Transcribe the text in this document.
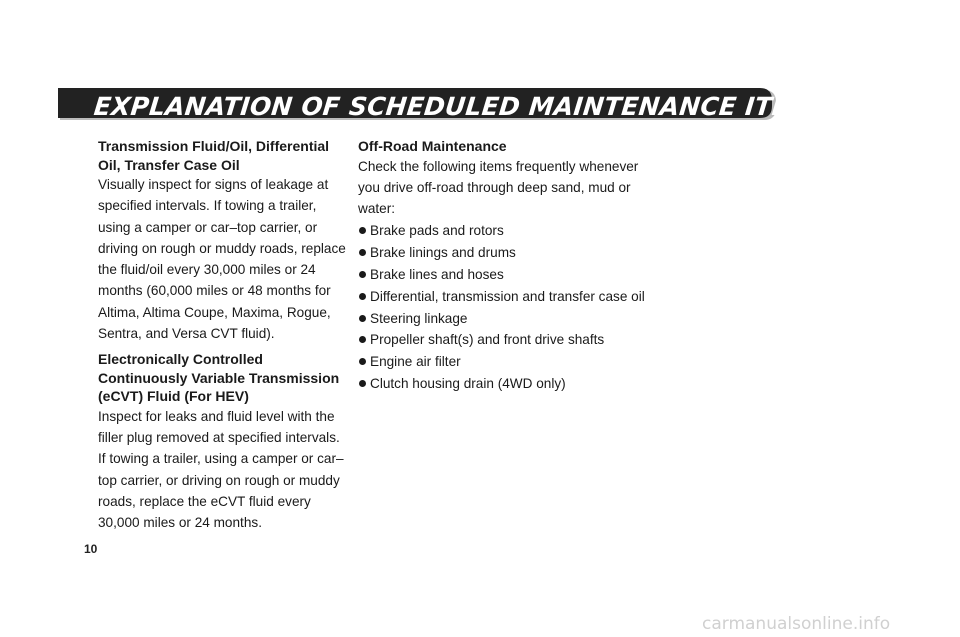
EXPLANATION OF SCHEDULED MAINTENANCE ITEMS

Transmission Fluid/Oil, Differential Oil, Transfer Case Oil

Visually inspect for signs of leakage at specified intervals. If towing a trailer, using a camper or car–top carrier, or driving on rough or muddy roads, replace the fluid/oil every 30,000 miles or 24 months (60,000 miles or 48 months for Altima, Altima Coupe, Maxima, Rogue, Sentra, and Versa CVT fluid).

Electronically Controlled Continuously Variable Transmission (eCVT) Fluid (For HEV)

Inspect for leaks and fluid level with the filler plug removed at specified intervals. If towing a trailer, using a camper or car–top carrier, or driving on rough or muddy roads, replace the eCVT fluid every 30,000 miles or 24 months.

Off-Road Maintenance

Check the following items frequently whenever you drive off-road through deep sand, mud or water:

Brake pads and rotors
Brake linings and drums
Brake lines and hoses
Differential, transmission and transfer case oil
Steering linkage
Propeller shaft(s) and front drive shafts
Engine air filter
Clutch housing drain (4WD only)
10
carmanualsonline.info
